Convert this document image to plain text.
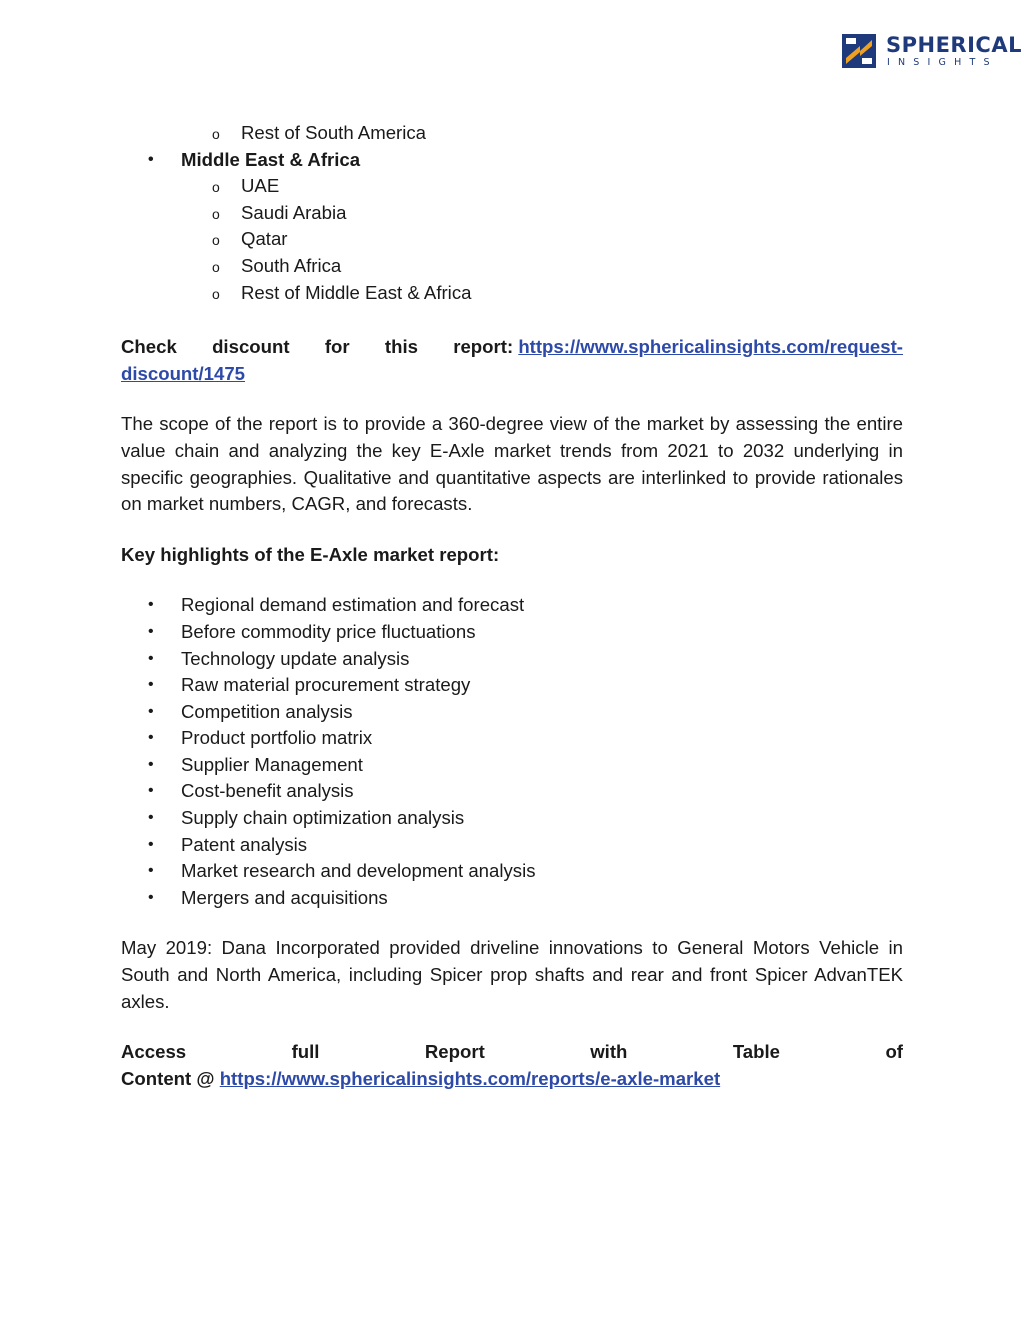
SPHERICAL
INSIGHTS
o Rest of South America
• Middle East & Africa
o UAE
o Saudi Arabia
o Qatar
o South Africa
o Rest of Middle East & Africa
Check discount for this report: https://www.sphericalinsights.com/request-
discount/1475

The scope of the report is to provide a 360-degree view of the market by assessing the entire value chain and analyzing the key E-Axle market trends from 2021 to 2032 underlying in specific geographies. Qualitative and quantitative aspects are interlinked to provide rationales on market numbers, CAGR, and forecasts.

Key highlights of the E-Axle market report:
• Regional demand estimation and forecast
• Before commodity price fluctuations
• Technology update analysis
• Raw material procurement strategy
• Competition analysis
• Product portfolio matrix
• Supplier Management
• Cost-benefit analysis
• Supply chain optimization analysis
• Patent analysis
• Market research and development analysis
• Mergers and acquisitions

May 2019: Dana Incorporated provided driveline innovations to General Motors Vehicle in South and North America, including Spicer prop shafts and rear and front Spicer AdvanTEK axles.

Access	full	Report	with	Table	of
Content @ https://www.sphericalinsights.com/reports/e-axle-market
